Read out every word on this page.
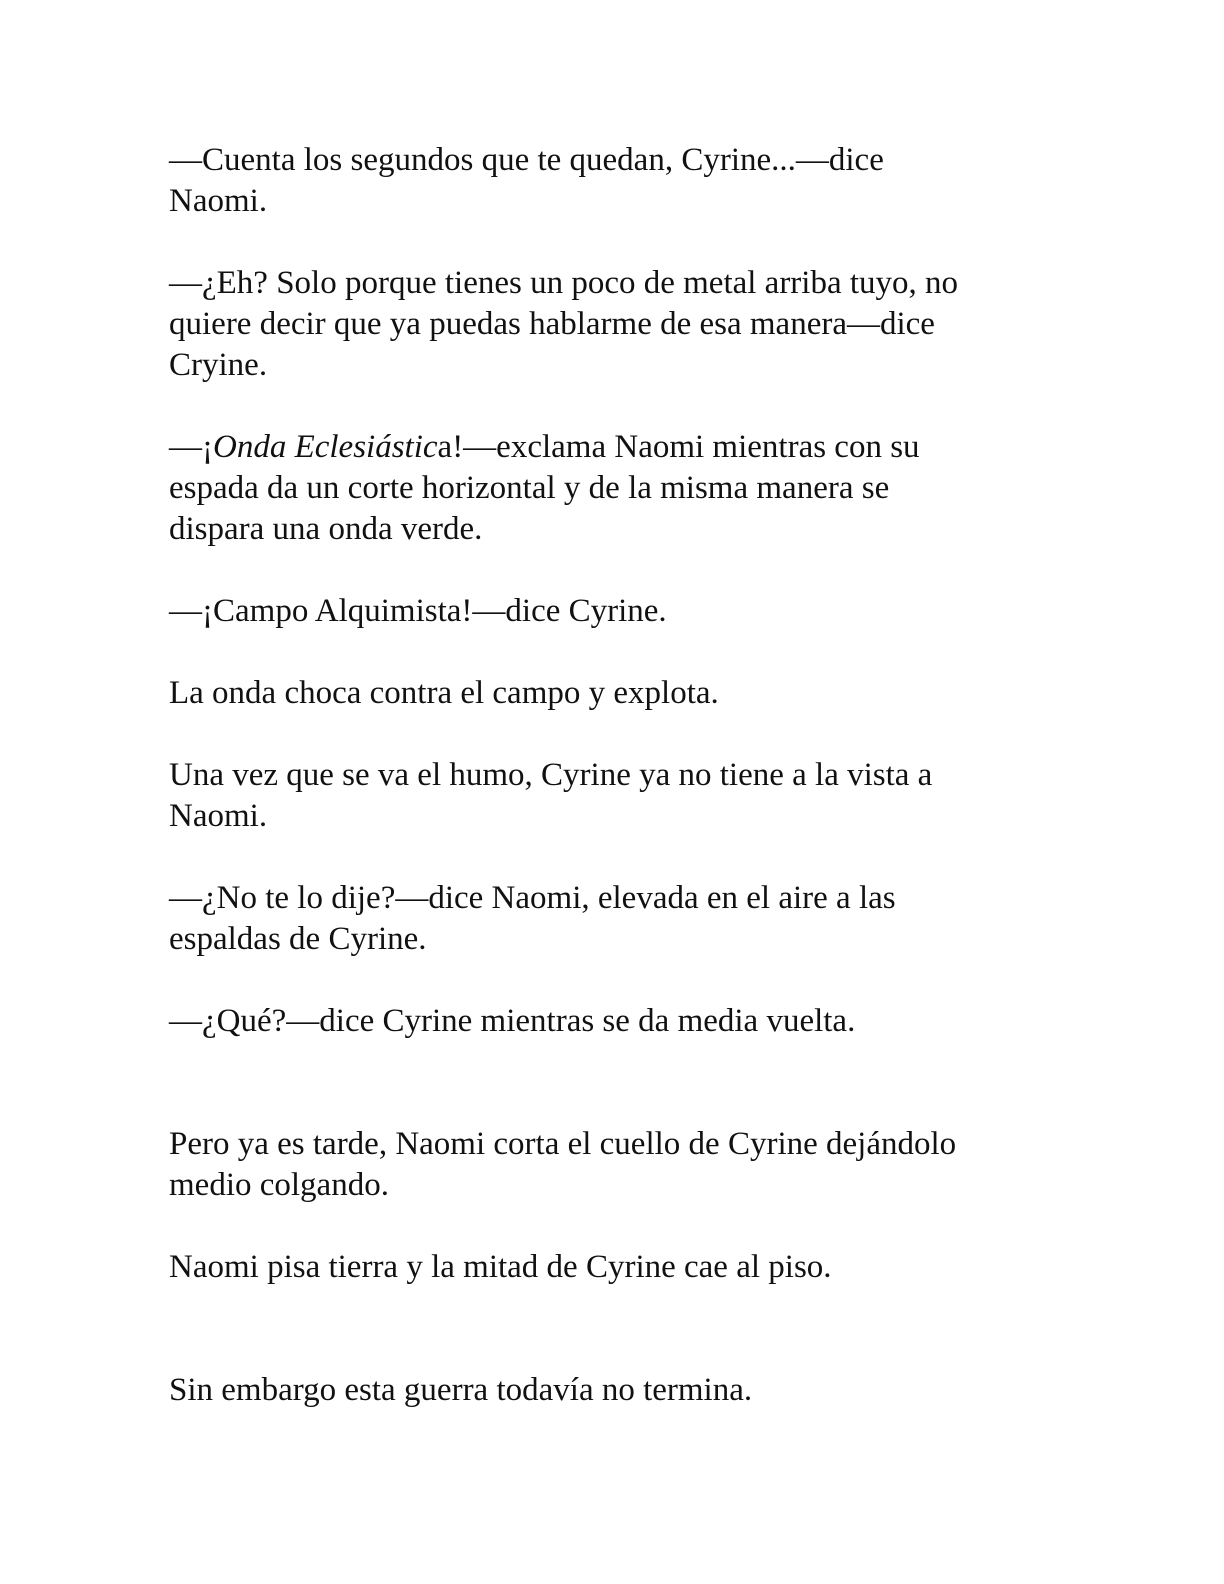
—Cuenta los segundos que te quedan, Cyrine...—dice
Naomi.

—¿Eh? Solo porque tienes un poco de metal arriba tuyo, no
quiere decir que ya puedas hablarme de esa manera—dice
Cryine.

—¡Onda Eclesiástica!—exclama Naomi mientras con su
espada da un corte horizontal y de la misma manera se
dispara una onda verde.

—¡Campo Alquimista!—dice Cyrine.

La onda choca contra el campo y explota.

Una vez que se va el humo, Cyrine ya no tiene a la vista a
Naomi.

—¿No te lo dije?—dice Naomi, elevada en el aire a las
espaldas de Cyrine.

—¿Qué?—dice Cyrine mientras se da media vuelta.

Pero ya es tarde, Naomi corta el cuello de Cyrine dejándolo
medio colgando.

Naomi pisa tierra y la mitad de Cyrine cae al piso.

Sin embargo esta guerra todavía no termina.
